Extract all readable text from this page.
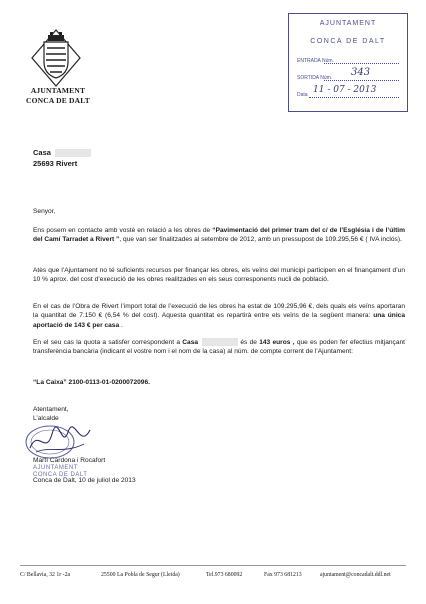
AJUNTAMENT
CONCA DE DALT
AJUNTAMENT
CONCA DE DALT
ENTRADA Núm.
SORTIDA Núm. 343
Data 11 - 07 - 2013
Casa
25693 Rivert
Senyor,
Ens posem en contacte amb vostè en relació a les obres de “Pavimentació del primer tram del c/ de l’Església i de l’últim del Camí Tarradet a Rivert ”, que van ser finalitzades al setembre de 2012, amb un pressupost de 109.295,56 € ( IVA inclós).
Atès que l’Ajuntament no té suficients recursos per finançar les obres, els veïns del municipi participen en el finançament d’un 10 % aprox. del cost d’execució de les obres realitzades en els seus corresponents nucli de població.
En el cas de l’Obra de Rivert l’import total de l’execució de les obres ha estat de 109.295,96 €, dels quals els veïns aportaran la quantitat de 7.150 € (6,54 % del cost). Aquesta quantitat es repartirà entre els veïns de la següent manera: una única aportació de 143 € per casa .
En el seu cas la quota a satisfer correspondent a Casa	és de 143 euros , que es poden fer efectius mitjançant transferència bancària (indicant el vostre nom i el nom de la casa) al núm. de compte corrent de l’Ajuntament:
“La Caixa” 2100-0113-01-0200072096.
Atentament,
L’alcalde
Martí Cardona i Rocafort
AJUNTAMENT
CONCA DE DALT
Conca de Dalt, 10 de juliol de 2013
C/ Bellavia, 32 1r -2a	25500 La Pobla de Segur (Lleida)	Tel.973 680092	Fax 973 681213	ajuntament@concadalt.ddl.net
